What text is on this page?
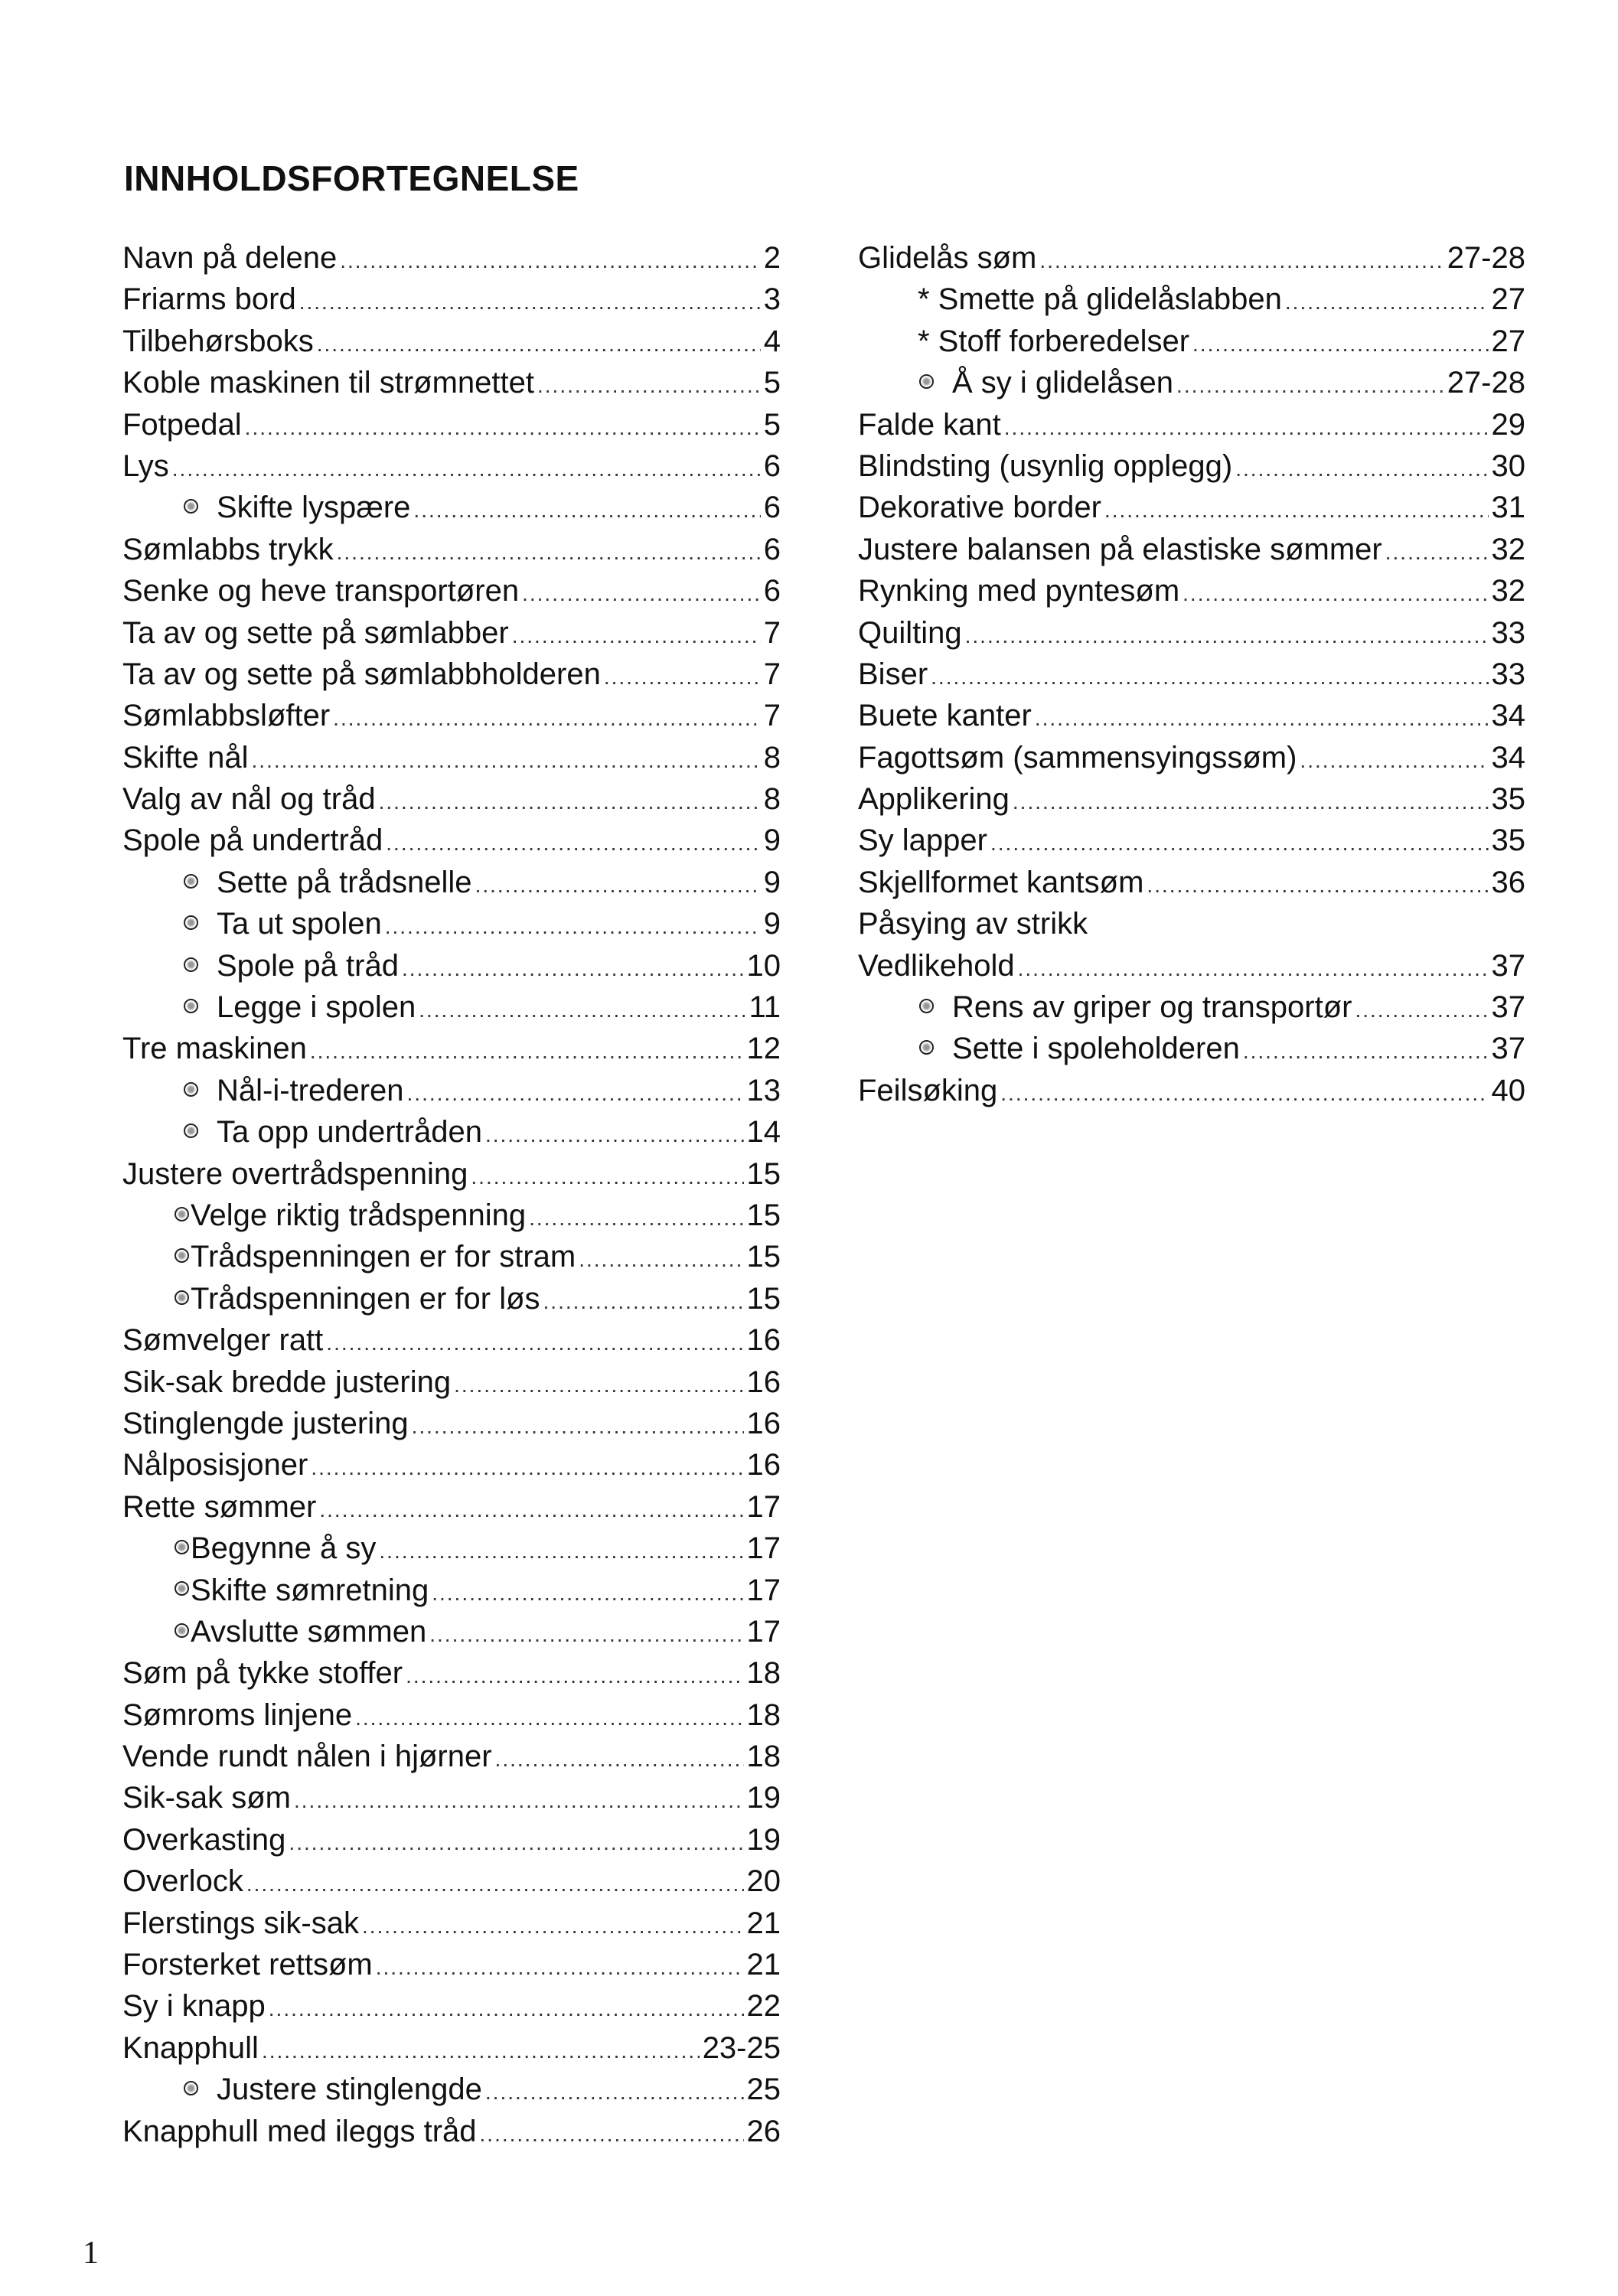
INNHOLDSFORTEGNELSE
Navn på delene .....	2
Friarms bord .....	3
Tilbehørsboks .....	4
Koble maskinen til strømnettet .....	5
Fotpedal .....	5
Lys .....	6
Skifte lyspære .....	6
Sømlabbs trykk .....	6
Senke og heve transportøren .....	6
Ta av og sette på sømlabber .....	7
Ta av og sette på sømlabbholderen .....	7
Sømlabbsløfter .....	7
Skifte nål .....	8
Valg av nål og tråd .....	8
Spole på undertråd .....	9
Sette på trådsnelle .....	9
Ta ut spolen .....	9
Spole på tråd .....	10
Legge i spolen .....	11
Tre maskinen .....	12
Nål-i-trederen .....	13
Ta opp undertråden .....	14
Justere overtrådspenning .....	15
Velge riktig trådspenning .....	15
Trådspenningen er for stram .....	15
Trådspenningen er for løs .....	15
Sømvelger ratt .....	16
Sik-sak bredde justering .....	16
Stinglengde justering .....	16
Nålposisjoner .....	16
Rette sømmer .....	17
Begynne å sy .....	17
Skifte sømretning .....	17
Avslutte sømmen .....	17
Søm på tykke stoffer .....	18
Sømroms linjene .....	18
Vende rundt nålen i hjørner .....	18
Sik-sak søm .....	19
Overkasting .....	19
Overlock .....	20
Flerstings sik-sak .....	21
Forsterket rettsøm .....	21
Sy i knapp .....	22
Knapphull .....	23-25
Justere stinglengde .....	25
Knapphull med ileggs tråd .....	26
Glidelås søm .....	27-28
* Smette på glidelåslabben .....	27
* Stoff forberedelser .....	27
Å sy i glidelåsen .....	27-28
Falde kant .....	29
Blindsting (usynlig opplegg) .....	30
Dekorative border .....	31
Justere balansen på elastiske sømmer .....	32
Rynking med pyntesøm .....	32
Quilting .....	33
Biser .....	33
Buete kanter .....	34
Fagottsøm (sammensyingssøm) .....	34
Applikering .....	35
Sy lapper .....	35
Skjellformet kantsøm .....	36
Påsying av strikk
Vedlikehold .....	37
Rens av griper og transportør .....	37
Sette i spoleholderen .....	37
Feilsøking .....	40
1
